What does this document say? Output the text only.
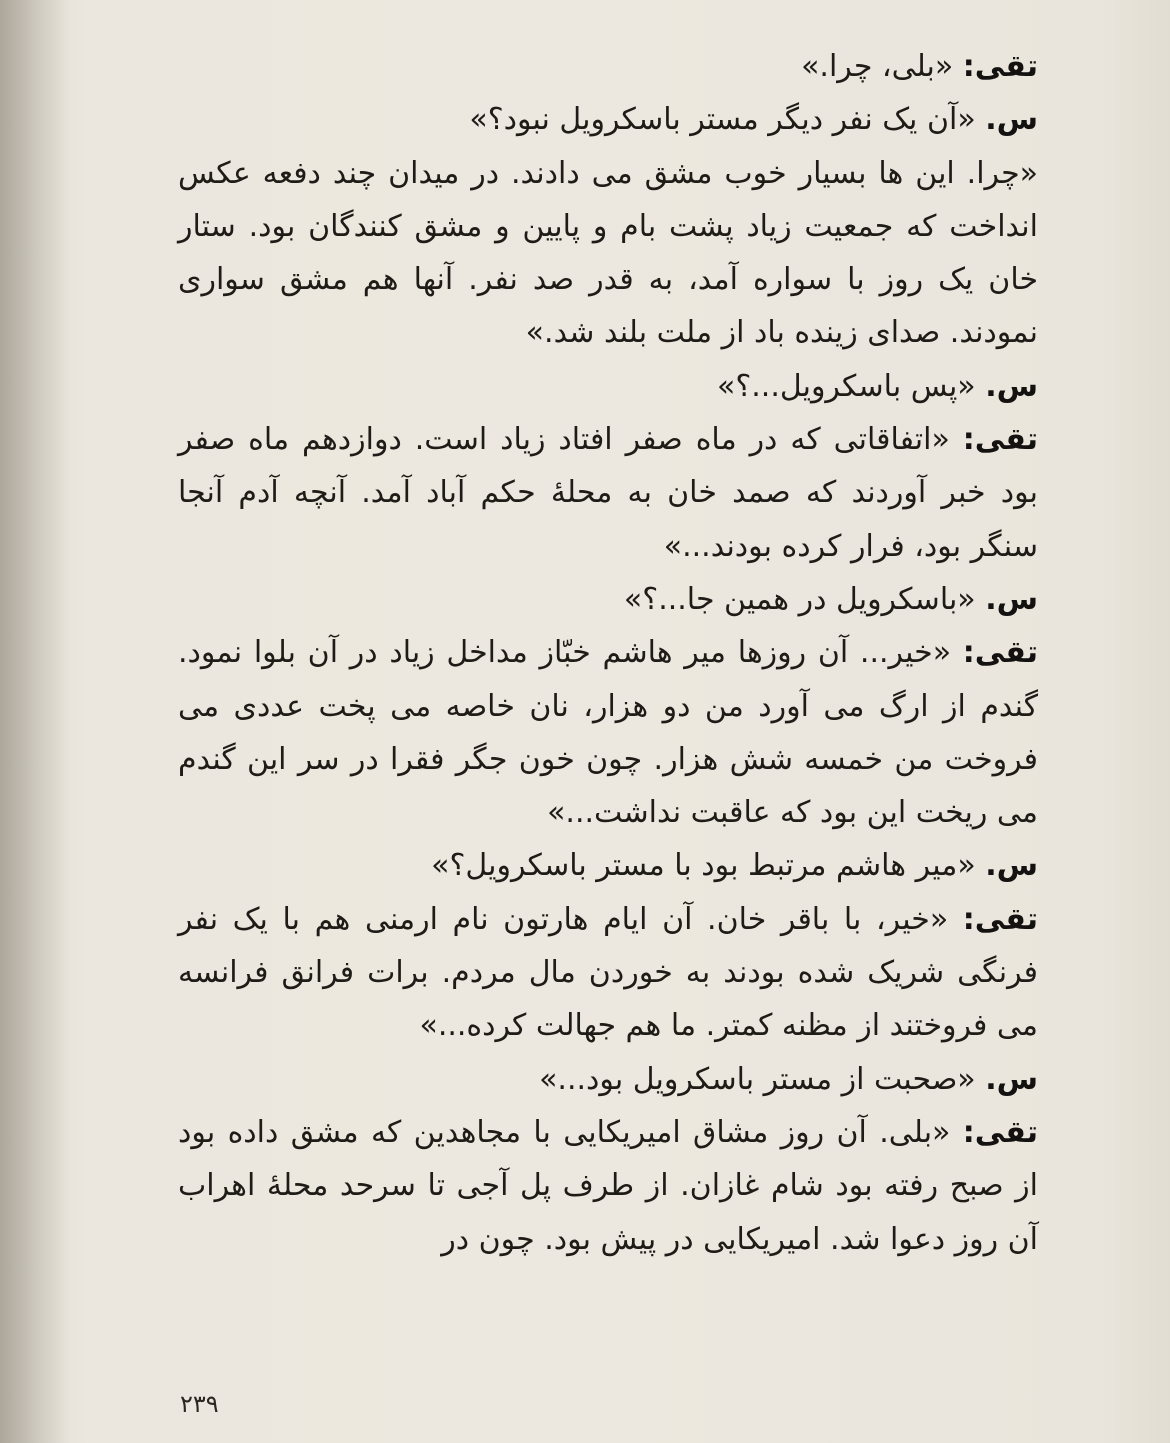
تقی: «بلی، چرا.»

س. «آن یک نفر دیگر مستر باسکرویل نبود؟»

«چرا. این ها بسیار خوب مشق می دادند. در میدان چند دفعه عکس انداخت که جمعیت زیاد پشت بام و پایین و مشق کنندگان بود. ستار خان یک روز با سواره آمد، به قدر صد نفر. آنها هم مشق سواری نمودند. صدای زینده باد از ملت بلند شد.»

س. «پس باسکرویل...؟»

تقی: «اتفاقاتی که در ماه صفر افتاد زیاد است. دوازدهم ماه صفر بود خبر آوردند که صمد خان به محلهٔ حکم آباد آمد. آنچه آدم آنجا سنگر بود، فرار کرده بودند...»

س. «باسکرویل در همین جا...؟»

تقی: «خیر... آن روزها میر هاشم خبّاز مداخل زیاد در آن بلوا نمود. گندم از ارگ می آورد من دو هزار، نان خاصه می پخت عددی می فروخت من خمسه شش هزار. چون خون جگر فقرا در سر این گندم می ریخت این بود که عاقبت نداشت...»

س. «میر هاشم مرتبط بود با مستر باسکرویل؟»

تقی: «خیر، با باقر خان. آن ایام هارتون نام ارمنی هم با یک نفر فرنگی شریک شده بودند به خوردن مال مردم. برات فرانق فرانسه می فروختند از مظنه کمتر. ما هم جهالت کرده...»

س. «صحبت از مستر باسکرویل بود...»

تقی: «بلی. آن روز مشاق امیریکایی با مجاهدین که مشق داده بود از صبح رفته بود شام غازان. از طرف پل آجی تا سرحد محلهٔ اهراب آن روز دعوا شد. امیریکایی در پیش بود. چون در

۲۳۹
